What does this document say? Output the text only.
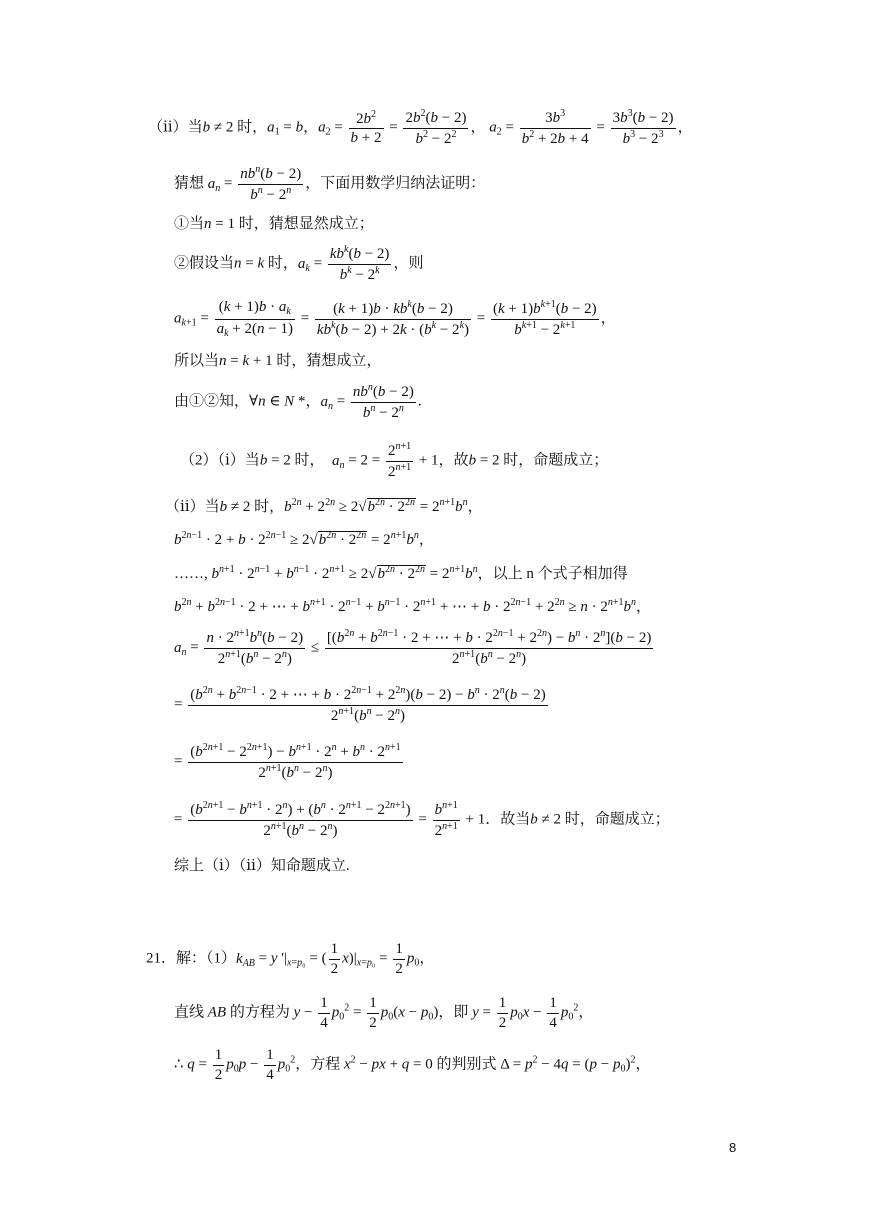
（ⅱ）当b ≠ 2 时，$a_1 = b$，$a_2 = \frac{2b^2}{b + 2} = \frac{2b^2(b - 2)}{b^2 - 2^2}$ ， $a_2 = \frac{3b^3}{b^2 + 2b + 4} = \frac{3b^3(b - 2)}{b^3 - 2^3}$ ，
猜想 $a_n = \frac{nb^n(b - 2)}{b^n - 2^n}$ ，下面用数学归纳法证明：
①当n = 1 时，猜想显然成立；
②假设当n = k 时，$a_k = \frac{kb^k(b - 2)}{b^k - 2^k}$ ，则
$a_{k+1} = \frac{(k + 1)b \cdot a_k}{a_k + 2(n - 1)} = \frac{(k + 1)b \cdot kb^k(b - 2)}{kb^k(b - 2) + 2k \cdot (b^k - 2^k)} = \frac{(k + 1)b^{k+1}(b - 2)}{b^{k+1} - 2^{k+1}}$ ，
所以当n = k + 1 时，猜想成立，
由①②知，∀n ∈ N *，$a_n = \frac{nb^n(b - 2)}{b^n - 2^n}$ .
（2）（ⅰ）当b = 2 时，  $a_n = 2 = \frac{2^{n+1}}{2^{n+1}} + 1$，故b = 2 时，命题成立；
（ⅱ）当b ≠ 2 时，$b^{2n} + 2^{2n} \ge 2√b^{2n} \cdot 2^{2n} = 2^{n+1}b^n$，
$b^{2n-1} \cdot 2 + b \cdot 2^{2n-1} \ge 2√b^{2n} \cdot 2^{2n} = 2^{n+1}b^n$，
……, $b^{n+1} \cdot 2^{n-1} + b^{n-1} \cdot 2^{n+1} \ge 2√b^{2n} \cdot 2^{2n} = 2^{n+1}b^n$，以上 n 个式子相加得
$b^{2n} + b^{2n-1} \cdot 2$ + ⋯ + $b^{n+1} \cdot 2^{n-1} + b^{n-1} \cdot 2^{n+1}$ + ⋯ + $b \cdot 2^{2n-1} + 2^{2n} \ge n \cdot 2^{n+1}b^n$，
$a_n = \frac{n \cdot 2^{n+1}b^n(b - 2)}{2^{n+1}(b^n - 2^n)} \le \frac{[(b^{2n} + b^{2n-1} \cdot 2 + \cdots + b \cdot 2^{2n-1} + 2^{2n}) - b^n \cdot 2^n](b - 2)}{2^{n+1}(b^n - 2^n)}$
=
($b^{2n} + b^{2n-1} \cdot 2$ + ⋯ + $b \cdot 2^{2n-1} + 2^{2n})(b - 2) - b^n \cdot 2^n(b - 2)$
$2^{n+1}(b^n - 2^n)$
= $\frac{(b^{2n+1} - 2^{2n+1}) - b^{n+1} \cdot 2^n + b^n \cdot 2^{n+1}}{2^{n+1}(b^n - 2^n)}$
= $\frac{(b^{2n+1} - b^{n+1} \cdot 2^n) + (b^n \cdot 2^{n+1} - 2^{2n+1})}{2^{n+1}(b^n - 2^n)} = \frac{b^{n+1}}{2^{n+1}} + 1$．故当b ≠ 2 时，命题成立；
综上（ⅰ）（ⅱ）知命题成立.
21．解：$(1)k_{AB} = y$ '$|_{x=p_0}$ = ( $\frac{1}{2} x)|_{x=p_0} = \frac{1}{2} p_0$，
直线 AB 的方程为 $y - \frac{1}{4} p_0^2 = \frac{1}{2} p_0(x - p_0)$，即 $y = \frac{1}{2} p_0x - \frac{1}{4} p_0^2$，
∴ $q = \frac{1}{2} p_0p - \frac{1}{4} p_0^2$，方程 $x^2$ − px + q = 0 的判别式 $\Delta = p^2 - 4q = (p - p_0)^2$，
8
